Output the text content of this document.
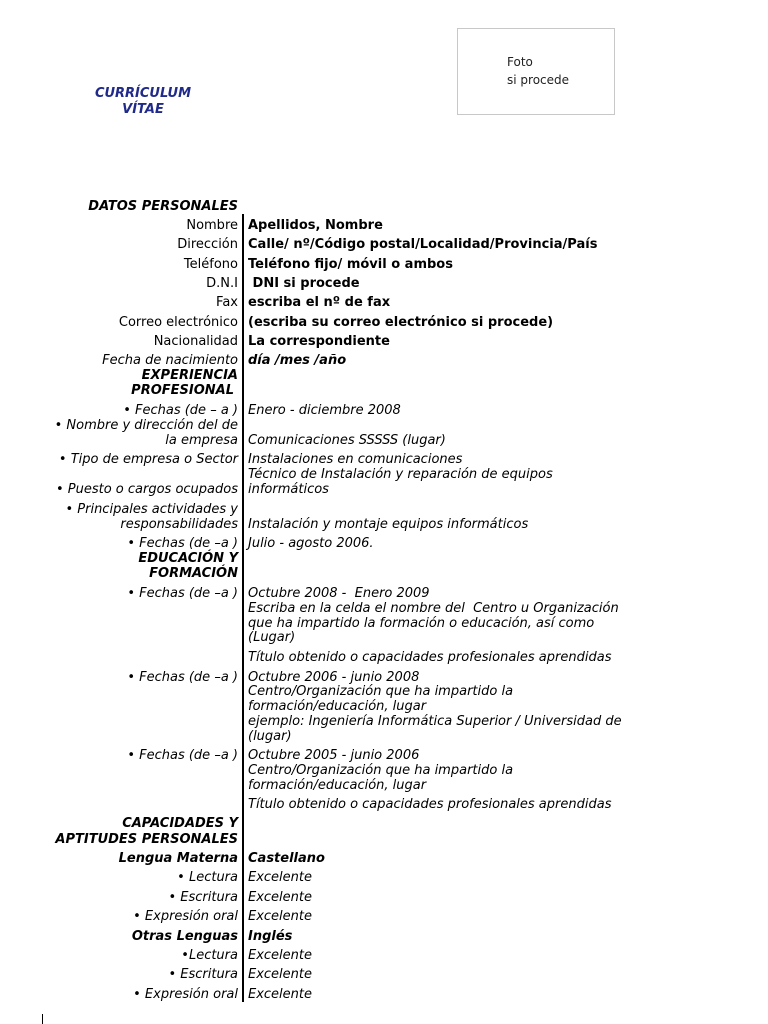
CURRÍCULUM
VÍTAE
Foto
si procede
DATOS PERSONALES
Nombre Apellidos, Nombre
Dirección Calle/ nº/Código postal/Localidad/Provincia/País
Teléfono Teléfono fijo/ móvil o ambos
D.N.I DNI si procede
Fax escriba el nº de fax
Correo electrónico (escriba su correo electrónico si procede)
Nacionalidad La correspondiente
Fecha de nacimiento día /mes /año
EXPERIENCIA
PROFESIONAL
• Fechas (de – a ) Enero - diciembre 2008
• Nombre y dirección del de
la empresa Comunicaciones SSSSS (lugar)
• Tipo de empresa o Sector Instalaciones en comunicaciones
Técnico de Instalación y reparación de equipos
• Puesto o cargos ocupados informáticos
• Principales actividades y
responsabilidades Instalación y montaje equipos informáticos
• Fechas (de –a ) Julio - agosto 2006.
EDUCACIÓN Y
FORMACIÓN
• Fechas (de –a ) Octubre 2008 -  Enero 2009
Escriba en la celda el nombre del  Centro u Organización
que ha impartido la formación o educación, así como
(Lugar)
Título obtenido o capacidades profesionales aprendidas
• Fechas (de –a ) Octubre 2006 - junio 2008
Centro/Organización que ha impartido la
formación/educación, lugar
ejemplo: Ingeniería Informática Superior / Universidad de
(lugar)
• Fechas (de –a ) Octubre 2005 - junio 2006
Centro/Organización que ha impartido la
formación/educación, lugar
Título obtenido o capacidades profesionales aprendidas
CAPACIDADES Y
APTITUDES PERSONALES
Lengua Materna Castellano
• Lectura Excelente
• Escritura Excelente
• Expresión oral Excelente
Otras Lenguas Inglés
•Lectura Excelente
• Escritura Excelente
• Expresión oral Excelente
